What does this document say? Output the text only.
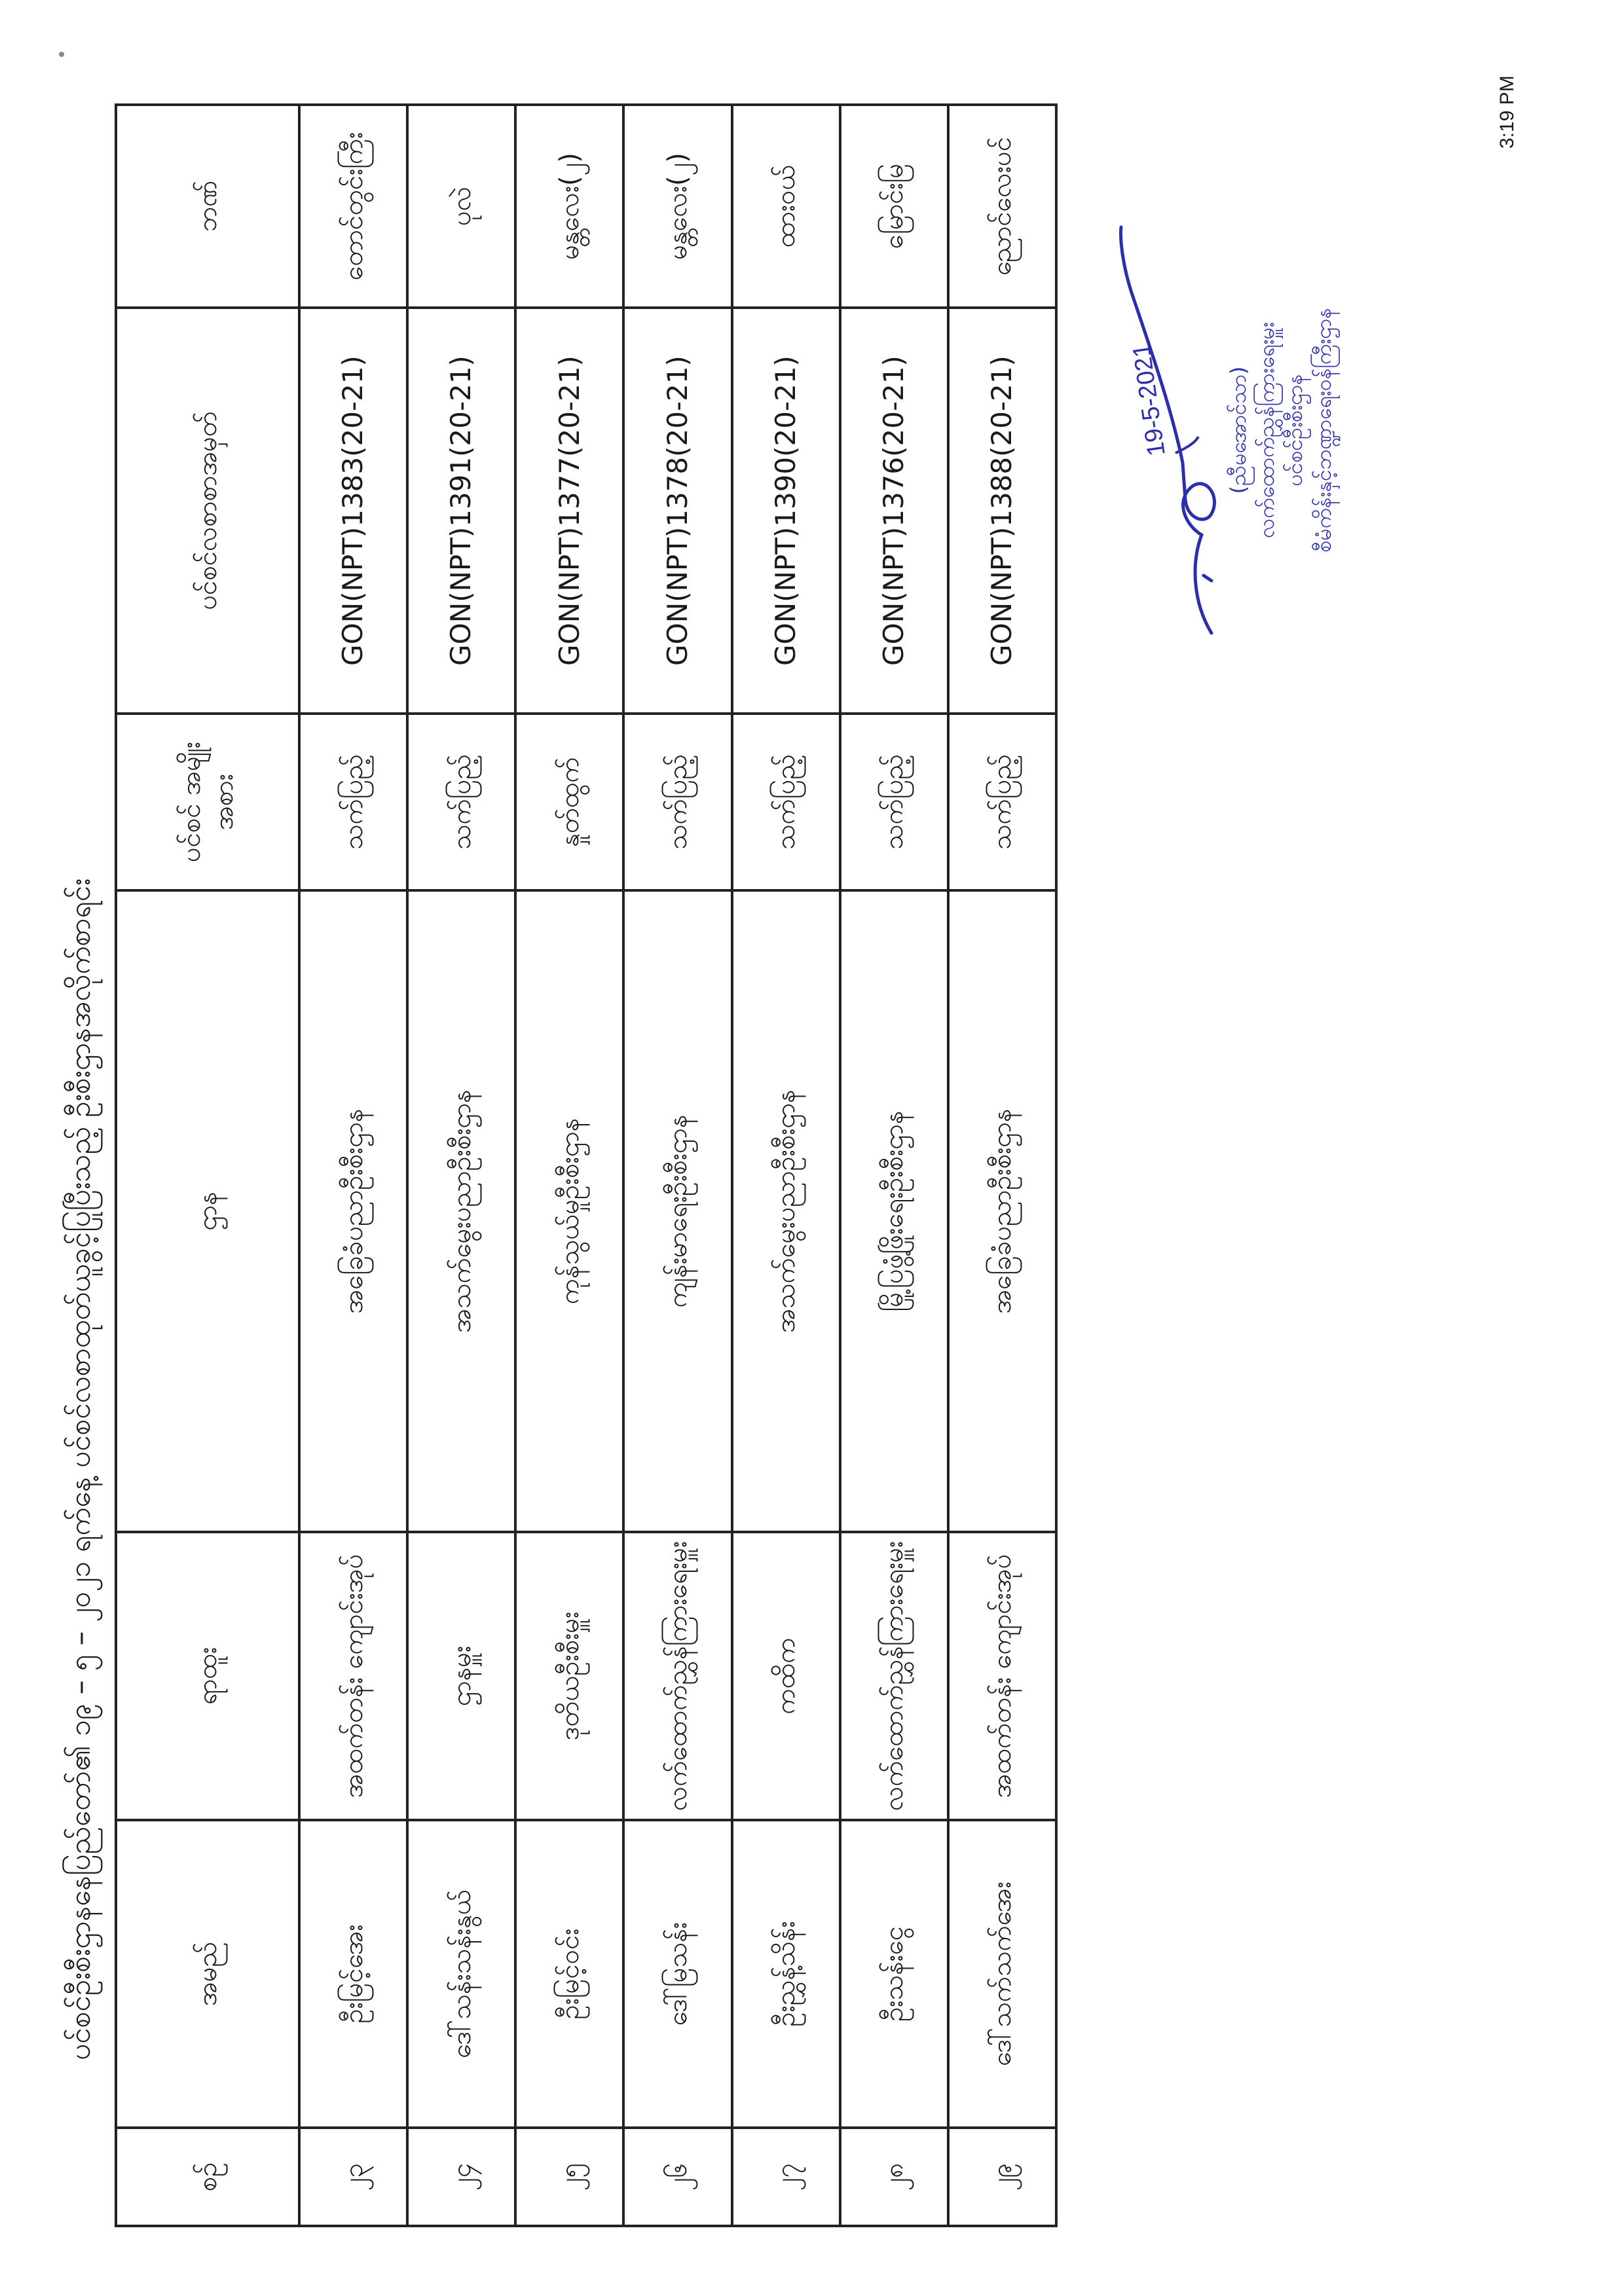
ပင်စင်ဦးစီးဌာနနေပြည်တော်၏ ၁၉ – ၅ – ၂၀၂၁ ရက်နေ့ ပင်စင်လစာထုတ်ယူခွင့်ပြုပြီးသည့် ဦးစီးဌာနအလိုက်စာရင်း
စဉ်	အမည်	ရာထူး	ဌာန	ပင်စင် အမျိုးအစား	ပင်စင်လစာစာအမှတ်	ဘဏ်
၂၃	ဦးမြင့်အေး	အထက်တန်း ကျောင်းအုပ်	အခြေခံပညာဦးစီးဌာန	သက်ပြည့်	GON(NPT)1383(20-21)	တောင်တွင်းကြီး
၂၄	ဒေါ်သန်းသန်းနွယ်	ဌာနမှူး	အသက်မွေးပညာဦးစီးဌာန	သက်ပြည့်	GON(NPT)1391(20-21)	ပုလဲ
၂၅	ဦးမြင့်ဝင်း	ဒုတိယဦးစီးမှူး	ကုန်သွယ်မှုဦးစီးဌာန	နှုတ်ထွက်	GON(NPT)1377(20-21)	မန္တလေး(၂)
၂၆	ဒေါ်မြသန်း	လက်ထောက်ညွှန်ကြားရေးမှူး	ကျန်းမာရေးဦးစီးဌာန	သက်ပြည့်	GON(NPT)1378(20-21)	မန္တလေး(၂)
၂၇	ဦးညွှန့်သိန်း	ကထိက	အသက်မွေးပညာဦးစီးဌာန	သက်ပြည့်	GON(NPT)1390(20-21)	ထားဝယ်
၂၈	ဦးသန်းငွေ	လက်ထောက်ညွှန်ကြားရေးမှူး	မြို့ပြဖွံ့ဖြိုးရေးဦးစီးဌာန	သက်ပြည့်	GON(NPT)1376(20-21)	မြောင်းမြ
၂၉	ဒေါ်သက်သက်အေး	အထက်တန်း ကျောင်းအုပ်	အခြေခံပညာဦးစီးဌာန	သက်ပြည့်	GON(NPT)1388(20-21)	ညောင်လေးပင်
19-5-2021	(ညီမအောင်သာ) လက်ထောက်ညွှန်ကြားရေးမှူး ပင်စင်ဦးစီးဌာန စီမံကိန်းနှင့်ဘဏ္ဍာရေးဝန်ကြီးဌာန
3:19 PM
